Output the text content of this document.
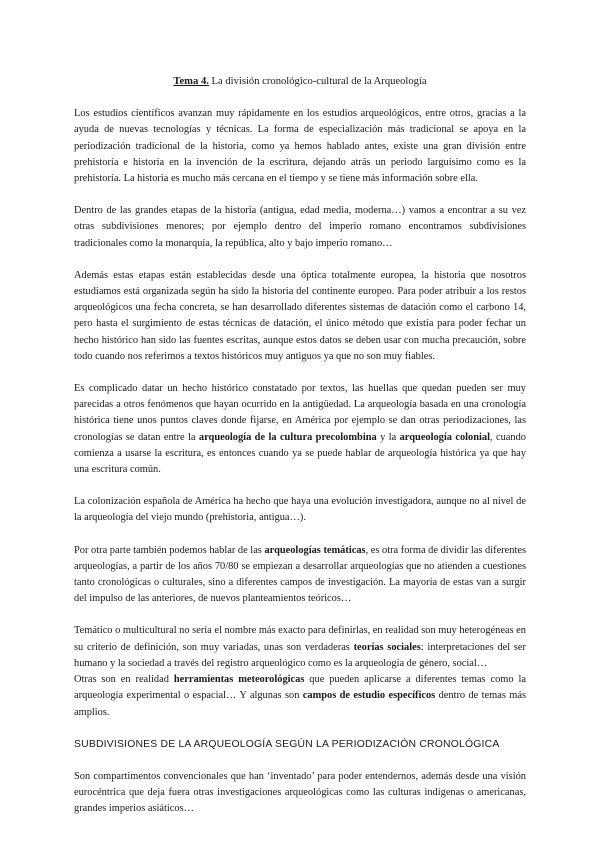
Tema 4. La división cronológico-cultural de la Arqueología

Los estudios científicos avanzan muy rápidamente en los estudios arqueológicos, entre otros, gracias a la ayuda de nuevas tecnologías y técnicas. La forma de especialización más tradicional se apoya en la periodización tradicional de la historia, como ya hemos hablado antes, existe una gran división entre prehistoria e historia en la invención de la escritura, dejando atrás un periodo larguísimo como es la prehistoria. La historia es mucho más cercana en el tiempo y se tiene más información sobre ella.

Dentro de las grandes etapas de la historia (antigua, edad media, moderna…) vamos a encontrar a su vez otras subdivisiones menores; por ejemplo dentro del imperio romano encontramos subdivisiones tradicionales como la monarquía, la república, alto y bajo imperio romano…

Además estas etapas están establecidas desde una óptica totalmente europea, la historia que nosotros estudiamos está organizada según ha sido la historia del continente europeo. Para poder atribuir a los restos arqueológicos una fecha concreta, se han desarrollado diferentes sistemas de datación como el carbono 14, pero hasta el surgimiento de estas técnicas de datación, el único método que existía para poder fechar un hecho histórico han sido las fuentes escritas, aunque estos datos se deben usar con mucha precaución, sobre todo cuando nos referimos a textos históricos muy antiguos ya que no son muy fiables.

Es complicado datar un hecho histórico constatado por textos, las huellas que quedan pueden ser muy parecidas a otros fenómenos que hayan ocurrido en la antigüedad. La arqueología basada en una cronología histórica tiene unos puntos claves donde fijarse, en América por ejemplo se dan otras periodizaciones, las cronologías se datan entre la arqueología de la cultura precolombina y la arqueología colonial, cuando comienza a usarse la escritura, es entonces cuando ya se puede hablar de arqueología histórica ya que hay una escritura común.

La colonización española de América ha hecho que haya una evolución investigadora, aunque no al nivel de la arqueología del viejo mundo (prehistoria, antigua…).

Por otra parte también podemos hablar de las arqueologías temáticas, es otra forma de dividir las diferentes arqueologías, a partir de los años 70/80 se empiezan a desarrollar arqueologías que no atienden a cuestiones tanto cronológicas o culturales, sino a diferentes campos de investigación. La mayoría de estas van a surgir del impulso de las anteriores, de nuevos planteamientos teóricos…

Temático o multicultural no sería el nombre más exacto para definirlas, en realidad son muy heterogéneas en su criterio de definición, son muy variadas, unas son verdaderas teorías sociales: interpretaciones del ser humano y la sociedad a través del registro arqueológico como es la arqueología de género, social…

Otras son en realidad herramientas meteorológicas que pueden aplicarse a diferentes temas como la arqueología experimental o espacial… Y algunas son campos de estudio específicos dentro de temas más amplios.

SUBDIVISIONES DE LA ARQUEOLOGÍA SEGÚN LA PERIODIZACIÓN CRONOLÓGICA

Son compartimentos convencionales que han ‘inventado’ para poder entendernos, además desde una visión eurocéntrica que deja fuera otras investigaciones arqueológicas como las culturas indígenas o americanas, grandes imperios asiáticos…
